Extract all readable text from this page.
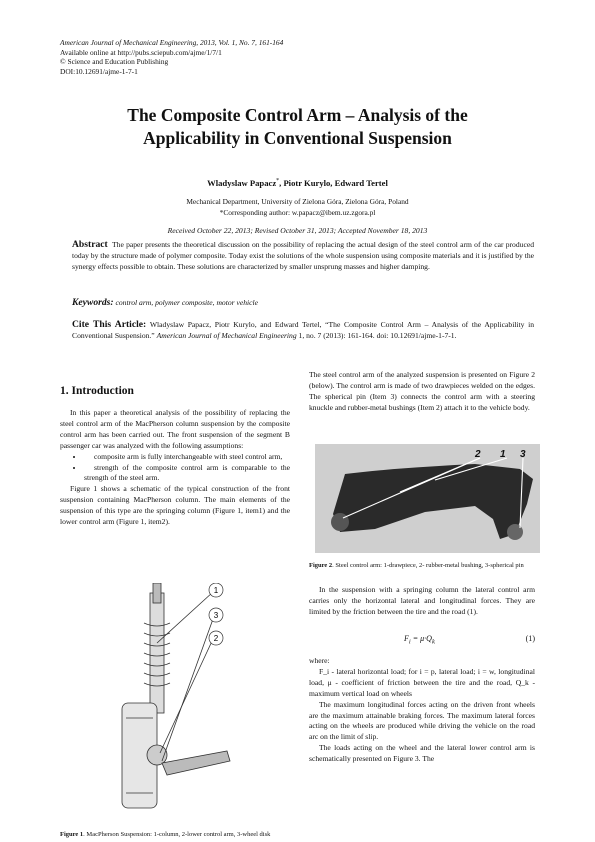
American Journal of Mechanical Engineering, 2013, Vol. 1, No. 7, 161-164
Available online at http://pubs.sciepub.com/ajme/1/7/1
© Science and Education Publishing
DOI:10.12691/ajme-1-7-1
The Composite Control Arm – Analysis of the
Applicability in Conventional Suspension
Wladyslaw Papacz*, Piotr Kurylo, Edward Tertel
Mechanical Department, University of Zielona Góra, Zielona Góra, Poland
*Corresponding author: w.papacz@ibem.uz.zgora.pl
Received October 22, 2013; Revised October 31, 2013; Accepted November 18, 2013
Abstract The paper presents the theoretical discussion on the possibility of replacing the actual design of the steel control arm of the car produced today by the structure made of polymer composite. Today exist the solutions of the whole suspension using composite materials and it is justified by the synergy effects possible to obtain. These solutions are characterized by smaller unsprung masses and higher damping.
Keywords: control arm, polymer composite, motor vehicle
Cite This Article: Wladyslaw Papacz, Piotr Kurylo, and Edward Tertel, “The Composite Control Arm – Analysis of the Applicability in Conventional Suspension.” American Journal of Mechanical Engineering 1, no. 7 (2013): 161-164. doi: 10.12691/ajme-1-7-1.
1. Introduction
In this paper a theoretical analysis of the possibility of replacing the steel control arm of the MacPherson column suspension by the composite control arm has been carried out. The front suspension of the segment B passenger car was analyzed with the following assumptions:
• composite arm is fully interchangeable with steel control arm,
• strength of the composite control arm is comparable to the strength of the steel arm.
Figure 1 shows a schematic of the typical construction of the front suspension containing MacPherson column. The main elements of the suspension of this type are the springing column (Figure 1, item1) and the lower control arm (Figure 1, item2).
1
3
2
Figure 1. MacPherson Suspension: 1-column, 2-lower control arm, 3-wheel disk
The steel control arm of the analyzed suspension is presented on Figure 2 (below). The control arm is made of two drawpieces welded on the edges. The spherical pin (Item 3) connects the control arm with a steering knuckle and rubber-metal bushings (Item 2) attach it to the vehicle body.
2 1 3
Figure 2. Steel control arm: 1-drawpiece, 2- rubber-metal bushing, 3-spherical pin
In the suspension with a springing column the lateral control arm carries only the horizontal lateral and longitudinal forces. They are limited by the friction between the tire and the road (1).
$F_i = \mu\cdot Q_k$	(1)
where:
F_i - lateral horizontal load; for i = p, lateral load; i = w, longitudinal load, μ - coefficient of friction between the tire and the road, Q_k - maximum vertical load on wheels
The maximum longitudinal forces acting on the driven front wheels are the maximum attainable braking forces. The maximum lateral forces acting on the wheels are produced while driving the vehicle on the road arc on the limit of slip.
The loads acting on the wheel and the lateral lower control arm is schematically presented on Figure 3. The
